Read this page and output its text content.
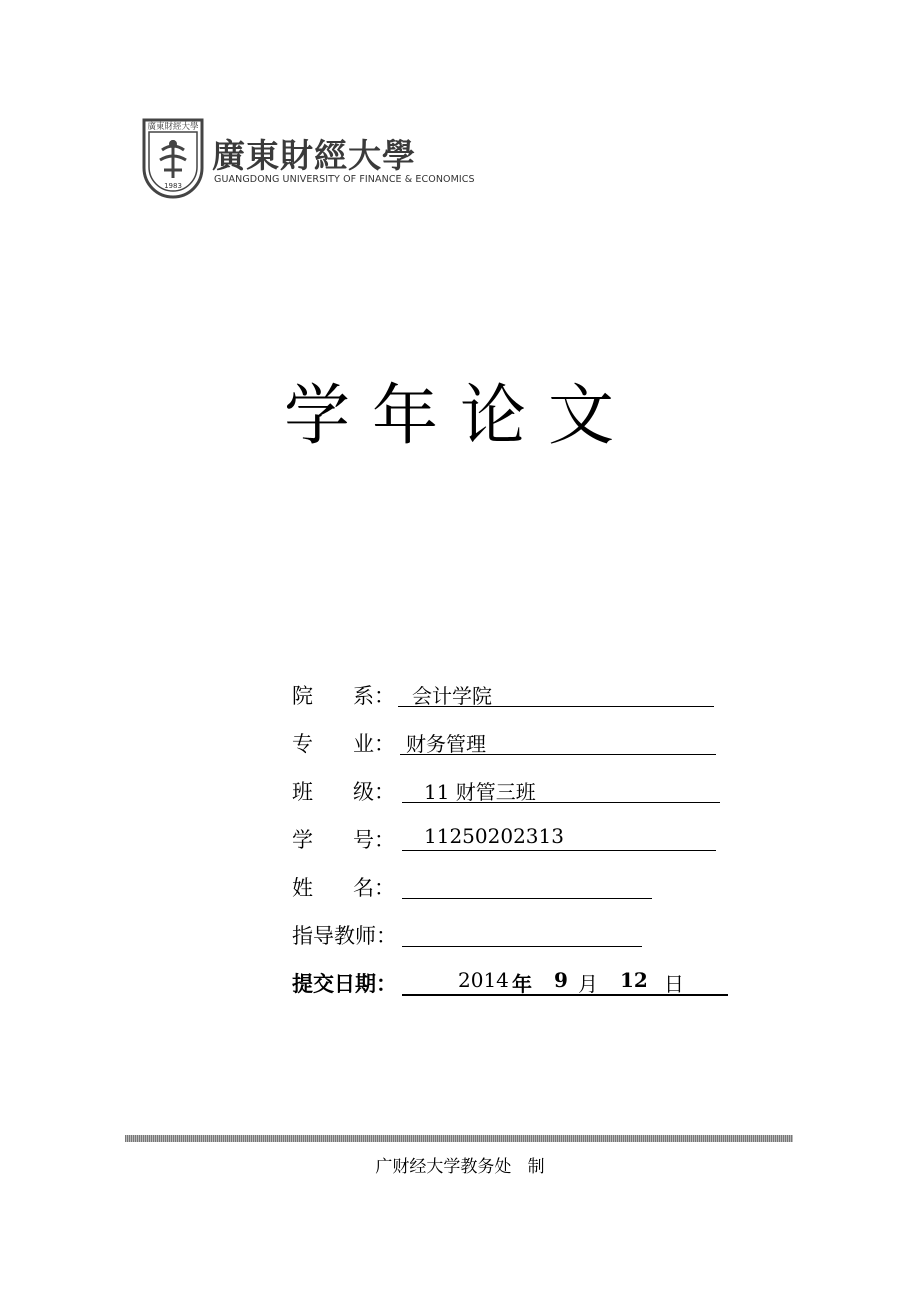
廣東財經大學
1983
廣東財經大學
GUANGDONG UNIVERSITY OF FINANCE & ECONOMICS
学年论文
院      系： 会计学院
专      业： 财务管理
班      级： 11 财管三班
学      号： 11250202313
姓      名：
指导教师：
提交日期：	2014 年 9 月 12 日
广财经大学教务处   制
